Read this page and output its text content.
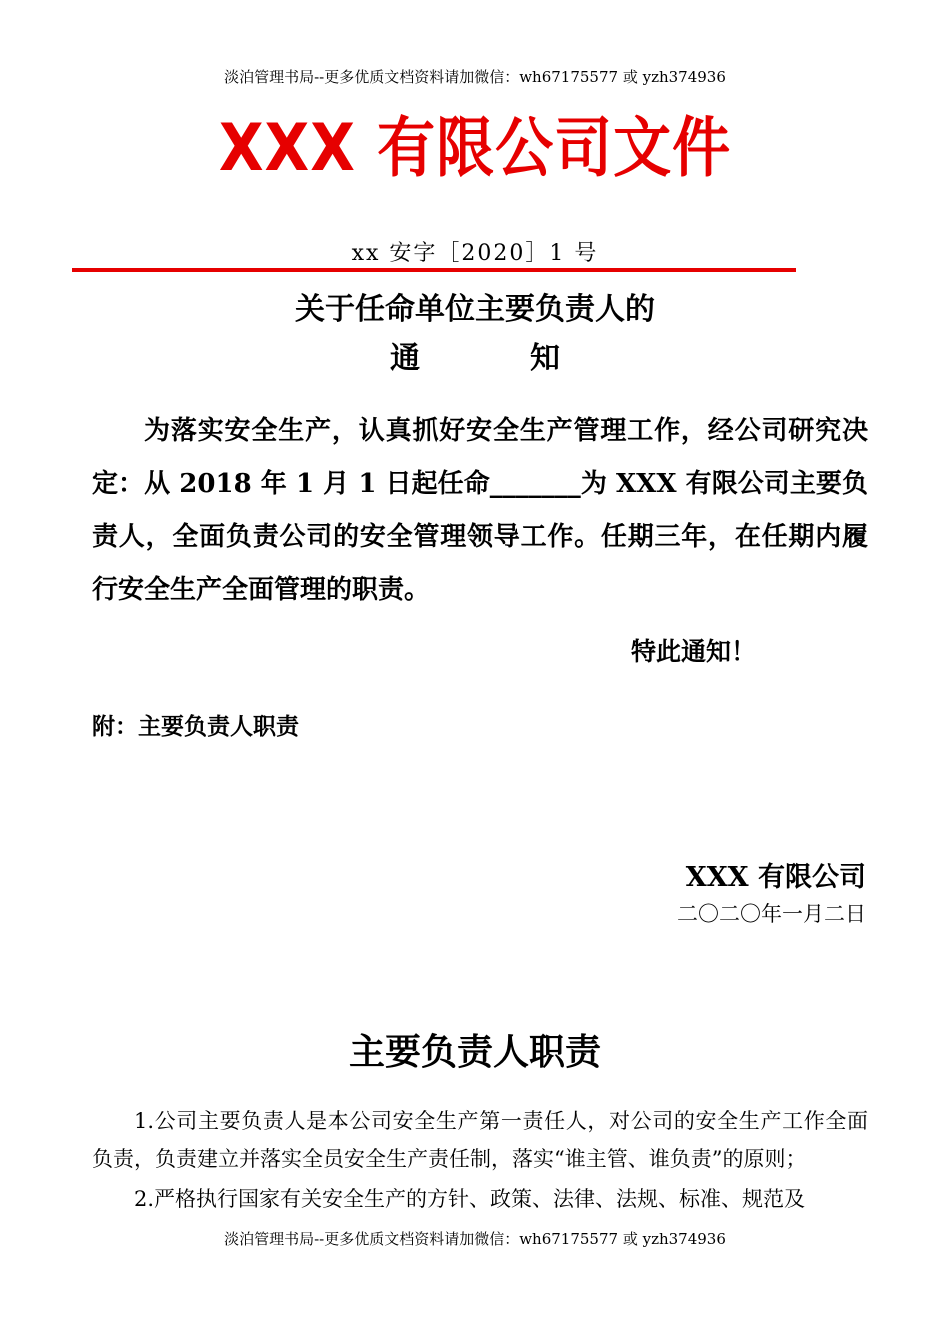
淡泊管理书局--更多优质文档资料请加微信：wh67175577 或 yzh374936
XXX 有限公司文件
xx 安字［2020］1 号
关于任命单位主要负责人的
通	知
为落实安全生产，认真抓好安全生产管理工作，经公司研究决定：从 2018 年 1 月 1 日起任命_______为 XXX 有限公司主要负责人，全面负责公司的安全管理领导工作。任期三年，在任期内履行安全生产全面管理的职责。
特此通知！
附：主要负责人职责
XXX 有限公司
二〇二〇年一月二日
主要负责人职责
1.公司主要负责人是本公司安全生产第一责任人，对公司的安全生产工作全面负责，负责建立并落实全员安全生产责任制，落实“谁主管、谁负责”的原则；
2.严格执行国家有关安全生产的方针、政策、法律、法规、标准、规范及
淡泊管理书局--更多优质文档资料请加微信：wh67175577 或 yzh374936
